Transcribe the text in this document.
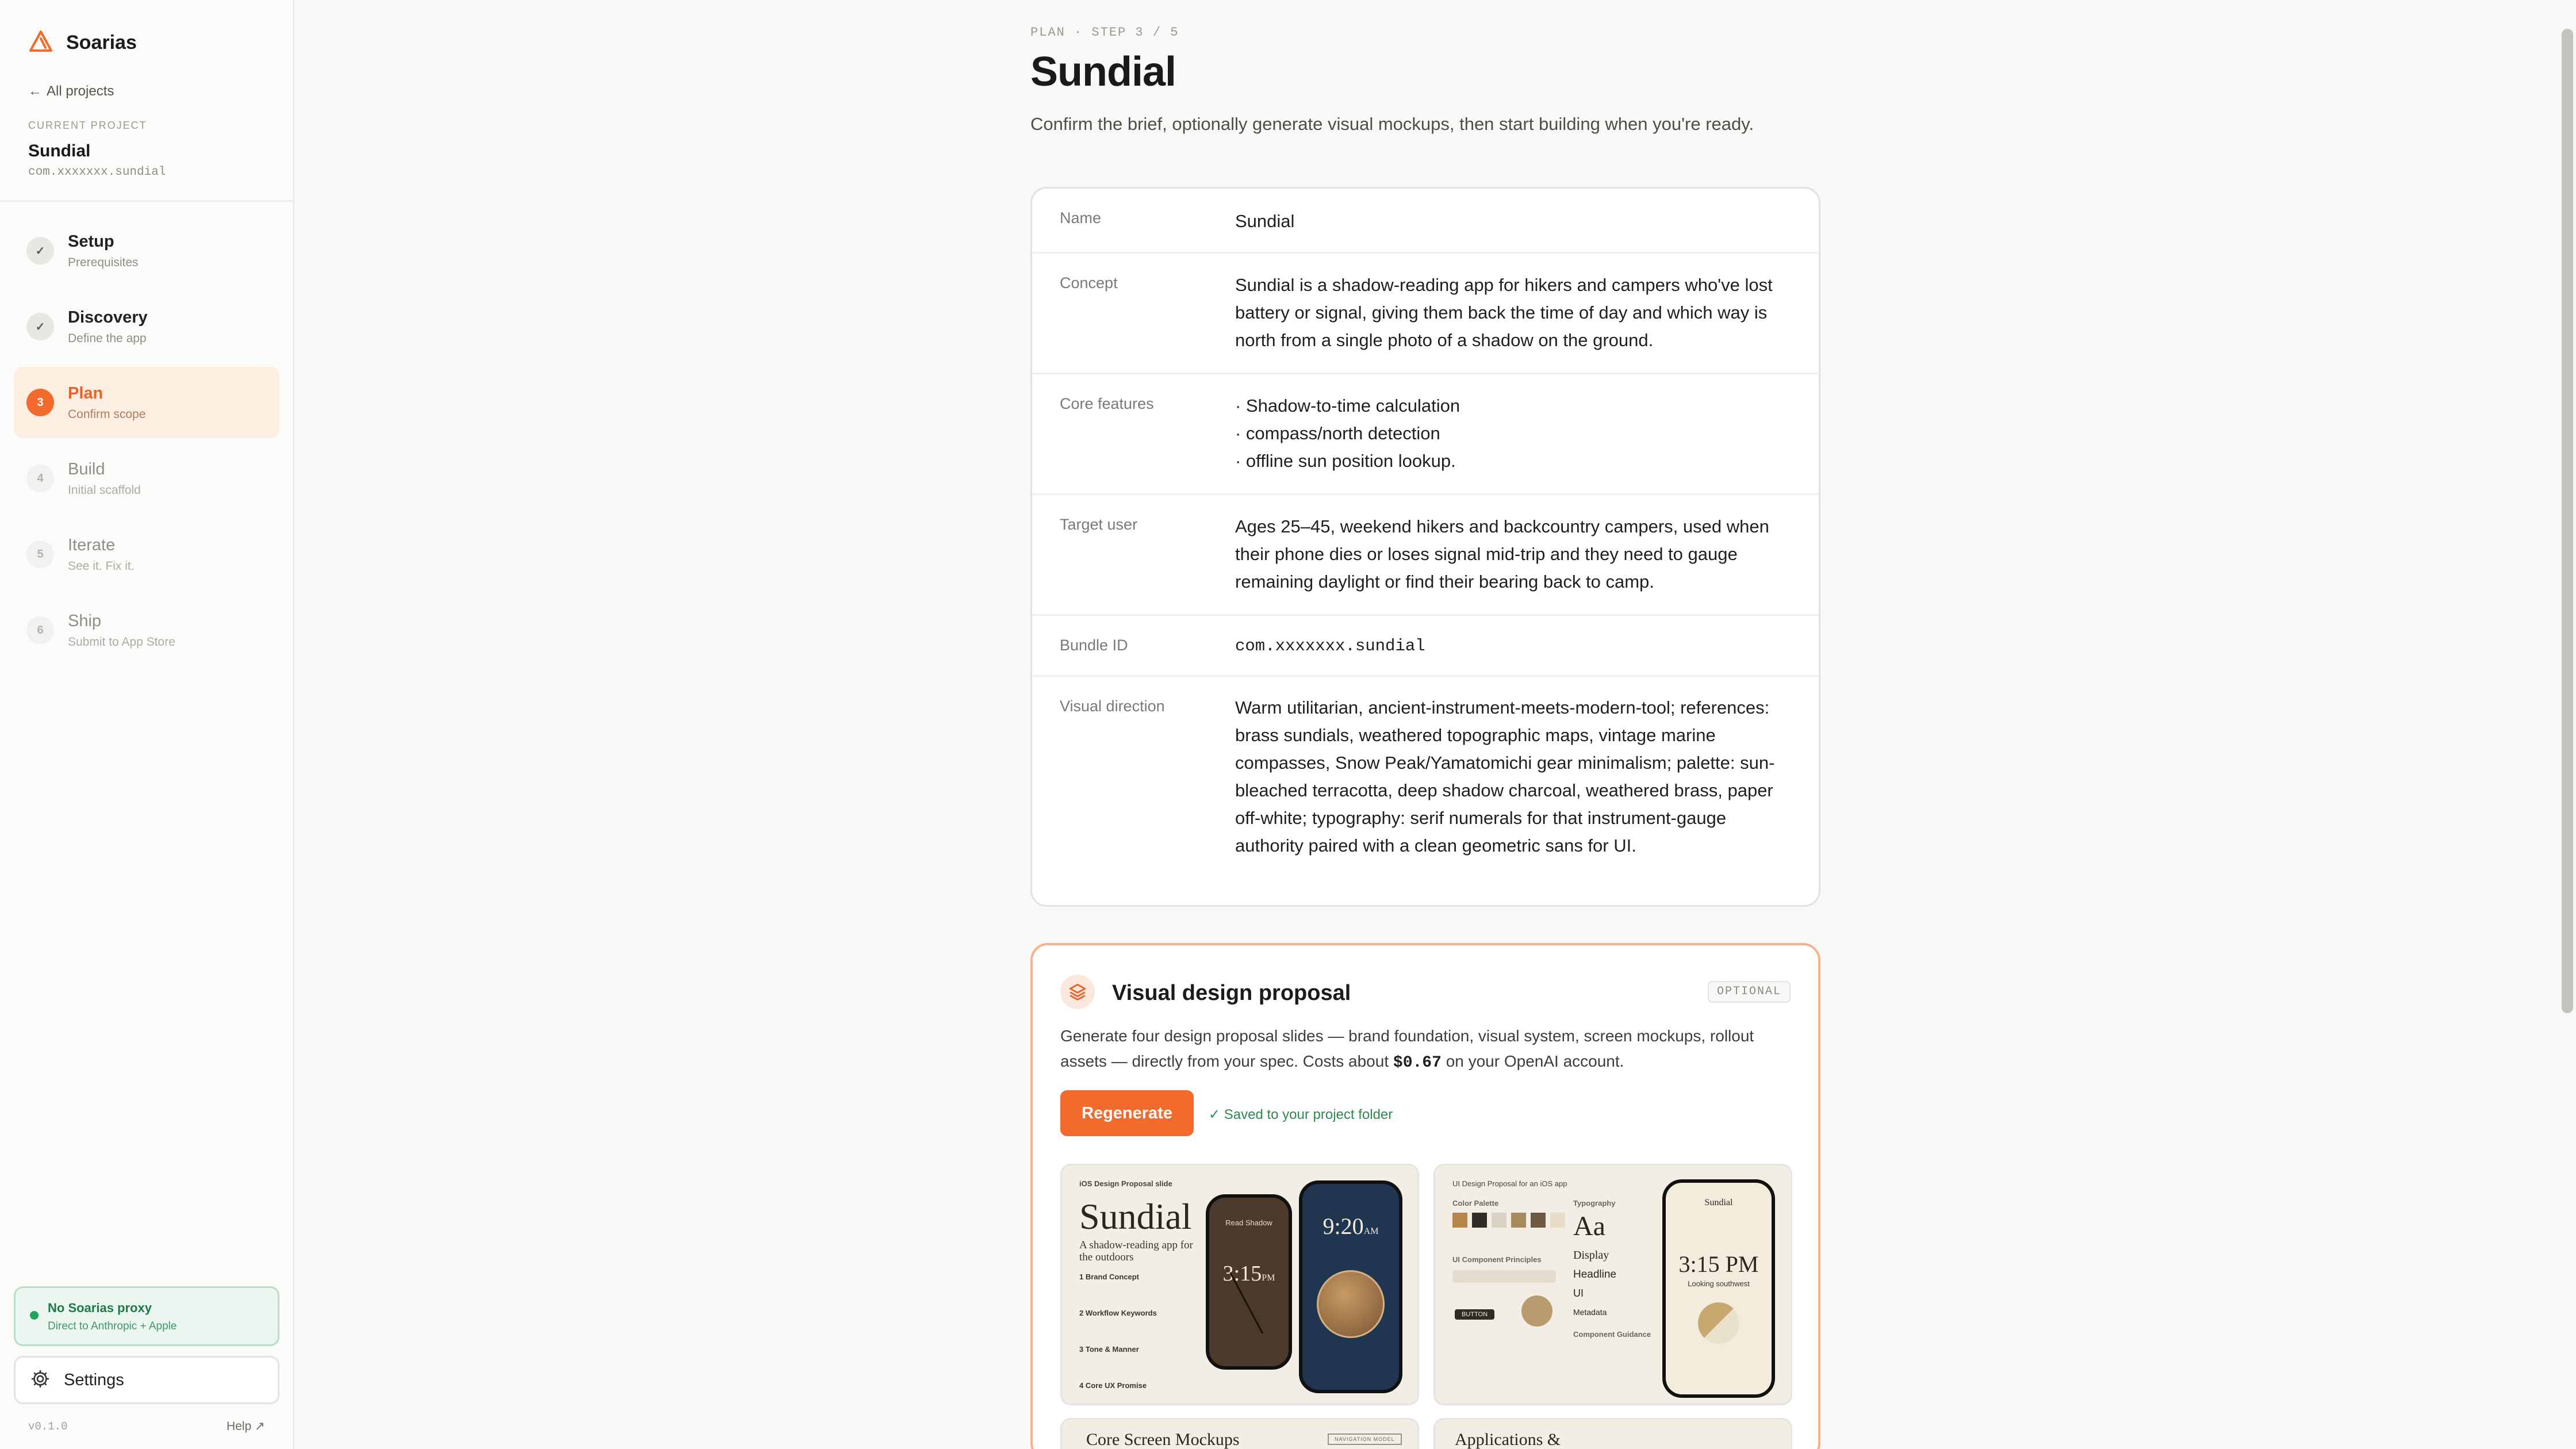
Soarias
← All projects
CURRENT PROJECT
Sundial
com.xxxxxxx.sundial
✓
Setup
Prerequisites
✓
Discovery
Define the app
3	Plan
Confirm scope
4	Build
Initial scaffold
5	Iterate
See it. Fix it.
6	Ship
Submit to App Store
No Soarias proxy
Direct to Anthropic + Apple
Settings
v0.1.0	Help ↗
PLAN · STEP 3 / 5
Sundial

Confirm the brief, optionally generate visual mockups, then start building when you're ready.

Name	Sundial
Concept	Sundial is a shadow-reading app for hikers and campers who've lost battery or signal, giving them back the time of day and which way is north from a single photo of a shadow on the ground.
Core features	· Shadow-to-time calculation
· compass/north detection
· offline sun position lookup.
Target user	Ages 25–45, weekend hikers and backcountry campers, used when their phone dies or loses signal mid-trip and they need to gauge remaining daylight or find their bearing back to camp.
Bundle ID	com.xxxxxxx.sundial
Visual direction	Warm utilitarian, ancient-instrument-meets-modern-tool; references: brass sundials, weathered topographic maps, vintage marine compasses, Snow Peak/Yamatomichi gear minimalism; palette: sun-bleached terracotta, deep shadow charcoal, weathered brass, paper off-white; typography: serif numerals for that instrument-gauge authority paired with a clean geometric sans for UI.
Visual design proposal	OPTIONAL

Generate four design proposal slides — brand foundation, visual system, screen mockups, rollout assets — directly from your spec. Costs about $0.67 on your OpenAI account.

Regenerate	✓ Saved to your project folder
iOS Design Proposal slide
Sundial
A shadow-reading app for the outdoors
1 Brand Concept
2 Workflow Keywords
3 Tone & Manner
4 Core UX Promise
Read Shadow
3:15PM
9:20AM
UI Design Proposal for an iOS app
Color Palette
UI Component Principles
BUTTON
Typography
Aa
Display
Headline
UI
Metadata
Component Guidance
Sundial
3:15 PM
Looking southwest
Core Screen Mockups	NAVIGATION MODEL	Applications &
